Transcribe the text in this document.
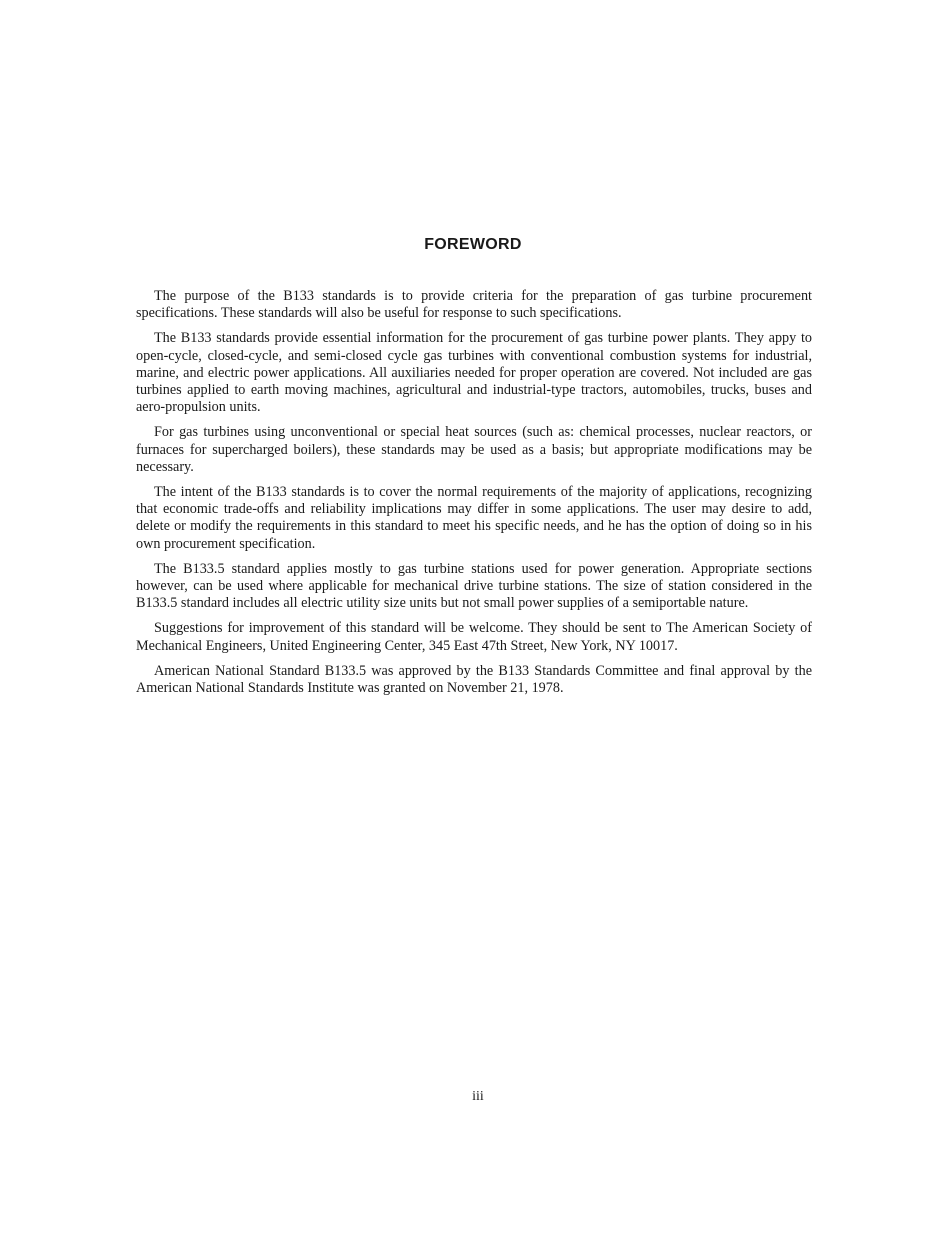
FOREWORD

The purpose of the B133 standards is to provide criteria for the preparation of gas turbine procurement specifications. These standards will also be useful for response to such specifications.

The B133 standards provide essential information for the procurement of gas turbine power plants. They appy to open-cycle, closed-cycle, and semi-closed cycle gas turbines with conventional combustion systems for industrial, marine, and electric power applications. All auxiliaries needed for proper operation are covered. Not included are gas turbines applied to earth moving machines, agricultural and industrial-type tractors, automobiles, trucks, buses and aero-propulsion units.

For gas turbines using unconventional or special heat sources (such as: chemical processes, nuclear reactors, or furnaces for supercharged boilers), these standards may be used as a basis; but appropriate modifications may be necessary.

The intent of the B133 standards is to cover the normal requirements of the majority of applications, recognizing that economic trade-offs and reliability implications may differ in some applications. The user may desire to add, delete or modify the requirements in this standard to meet his specific needs, and he has the option of doing so in his own procurement specification.

The B133.5 standard applies mostly to gas turbine stations used for power generation. Appropriate sections however, can be used where applicable for mechanical drive turbine stations. The size of station considered in the B133.5 standard includes all electric utility size units but not small power supplies of a semiportable nature.

Suggestions for improvement of this standard will be welcome. They should be sent to The American Society of Mechanical Engineers, United Engineering Center, 345 East 47th Street, New York, NY 10017.

American National Standard B133.5 was approved by the B133 Standards Committee and final approval by the American National Standards Institute was granted on November 21, 1978.

iii
